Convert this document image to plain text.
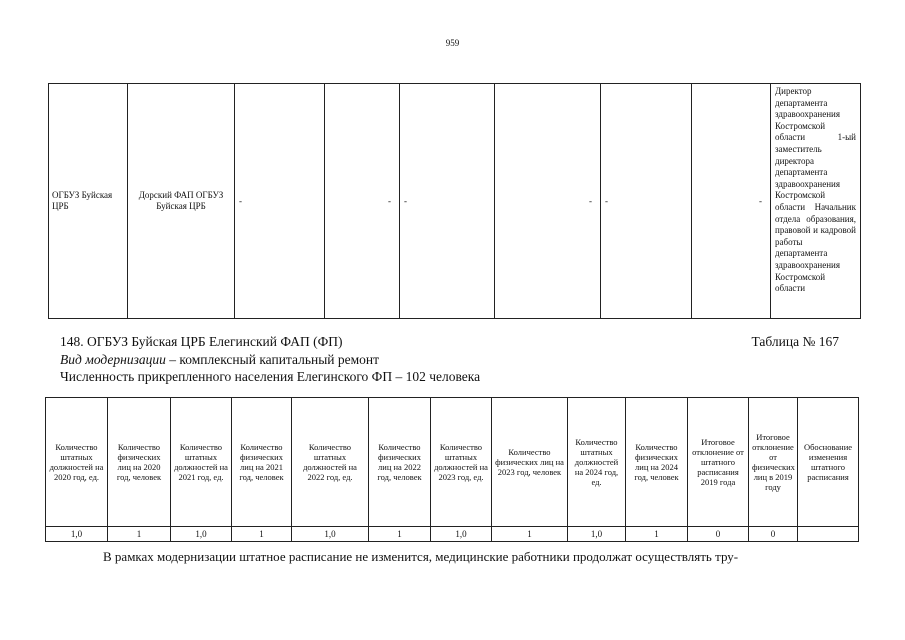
959
ОГБУЗ Буйская ЦРБ	Дорский ФАП ОГБУЗ Буйская ЦРБ	-	-	-	-	-	-	Директор департамента здравоохранения Костромской области 1-ый заместитель директора департамента здравоохранения Костромской области Начальник отдела образования, правовой и кадровой работы департамента здравоохранения Костромской области
148. ОГБУЗ Буйская ЦРБ Елегинский ФАП (ФП)	Таблица № 167
Вид модернизации – комплексный капитальный ремонт
Численность прикрепленного населения Елегинского ФП – 102 человека
Количество штатных должностей на 2020 год, ед.	Количество физических лиц на 2020 год, человек	Количество штатных должностей на 2021 год, ед.	Количество физических лиц на 2021 год, человек	Количество штатных должностей на 2022 год, ед.	Количество физических лиц на 2022 год, человек	Количество штатных должностей на 2023 год, ед.	Количество физических лиц на 2023 год, человек	Количество штатных должностей на 2024 год, ед.	Количество физических лиц на 2024 год, человек	Итоговое отклонение от штатного расписания 2019 года	Итоговое отклонение от физических лиц в 2019 году	Обоснование изменения штатного расписания
1,0	1	1,0	1	1,0	1	1,0	1	1,0	1	0	0	
В рамках модернизации штатное расписание не изменится, медицинские работники продолжат осуществлять тру-
